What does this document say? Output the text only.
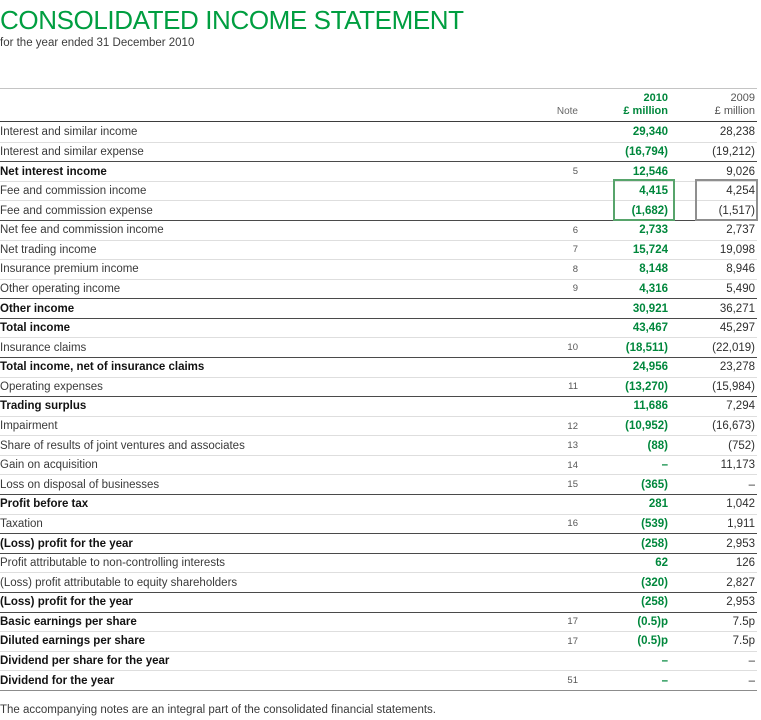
CONSOLIDATED INCOME STATEMENT
for the year ended 31 December 2010
Note
2010
£ million
2009
£ million
Interest and similar income	29,340	28,238
Interest and similar expense	(16,794)	(19,212)
Net interest income	5	12,546	9,026
Fee and commission income	4,415	4,254
Fee and commission expense	(1,682)	(1,517)
Net fee and commission income	6	2,733	2,737
Net trading income	7	15,724	19,098
Insurance premium income	8	8,148	8,946
Other operating income	9	4,316	5,490
Other income	30,921	36,271
Total income	43,467	45,297
Insurance claims	10	(18,511)	(22,019)
Total income, net of insurance claims	24,956	23,278
Operating expenses	11	(13,270)	(15,984)
Trading surplus	11,686	7,294
Impairment	12	(10,952)	(16,673)
Share of results of joint ventures and associates	13	(88)	(752)
Gain on acquisition	14	–	11,173
Loss on disposal of businesses	15	(365)	–
Profit before tax	281	1,042
Taxation	16	(539)	1,911
(Loss) profit for the year	(258)	2,953
Profit attributable to non-controlling interests	62	126
(Loss) profit attributable to equity shareholders	(320)	2,827
(Loss) profit for the year	(258)	2,953
Basic earnings per share	17	(0.5)p	7.5p
Diluted earnings per share	17	(0.5)p	7.5p
Dividend per share for the year	–	–
Dividend for the year	51	–	–

The accompanying notes are an integral part of the consolidated financial statements.
